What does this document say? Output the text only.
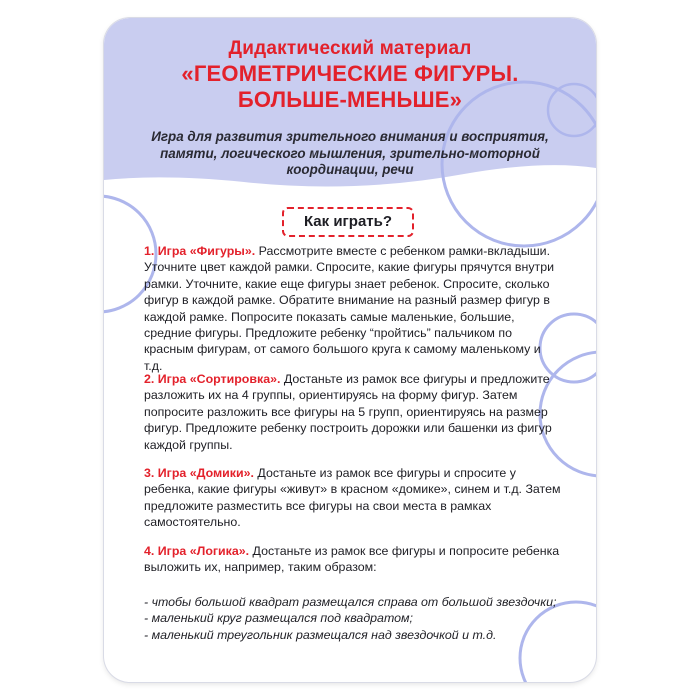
Дидактический материал
«ГЕОМЕТРИЧЕСКИЕ ФИГУРЫ.
БОЛЬШЕ-МЕНЬШЕ»
Игра для развития зрительного внимания и восприятия, памяти, логического мышления, зрительно-моторной координации, речи
Как играть?
1. Игра «Фигуры». Рассмотрите вместе с ребенком рамки-вкладыши. Уточните цвет каждой рамки. Спросите, какие фигуры прячутся внутри рамки. Уточните, какие еще фигуры знает ребенок. Спросите, сколько фигур в каждой рамке. Обратите внимание на разный размер фигур в каждой рамке. Попросите показать самые маленькие, большие, средние фигуры. Предложите ребенку “пройтись” пальчиком по красным фигурам, от самого большого круга к самому маленькому и т.д.
2. Игра «Сортировка». Достаньте из рамок все фигуры и предложите разложить их на 4 группы, ориентируясь на форму фигур. Затем попросите разложить все фигуры на 5 групп, ориентируясь на размер фигур. Предложите ребенку построить дорожки или башенки из фигур каждой группы.
3. Игра «Домики». Достаньте из рамок все фигуры и спросите у ребенка, какие фигуры «живут» в красном «домике», синем и т.д. Затем предложите разместить все фигуры на свои места в рамках самостоятельно.
4. Игра «Логика». Достаньте из рамок все фигуры и попросите ребенка выложить их, например, таким образом:
- чтобы большой квадрат размещался справа от большой звездочки;
- маленький круг размещался под квадратом;
- маленький треугольник размещался над звездочкой и т.д.
